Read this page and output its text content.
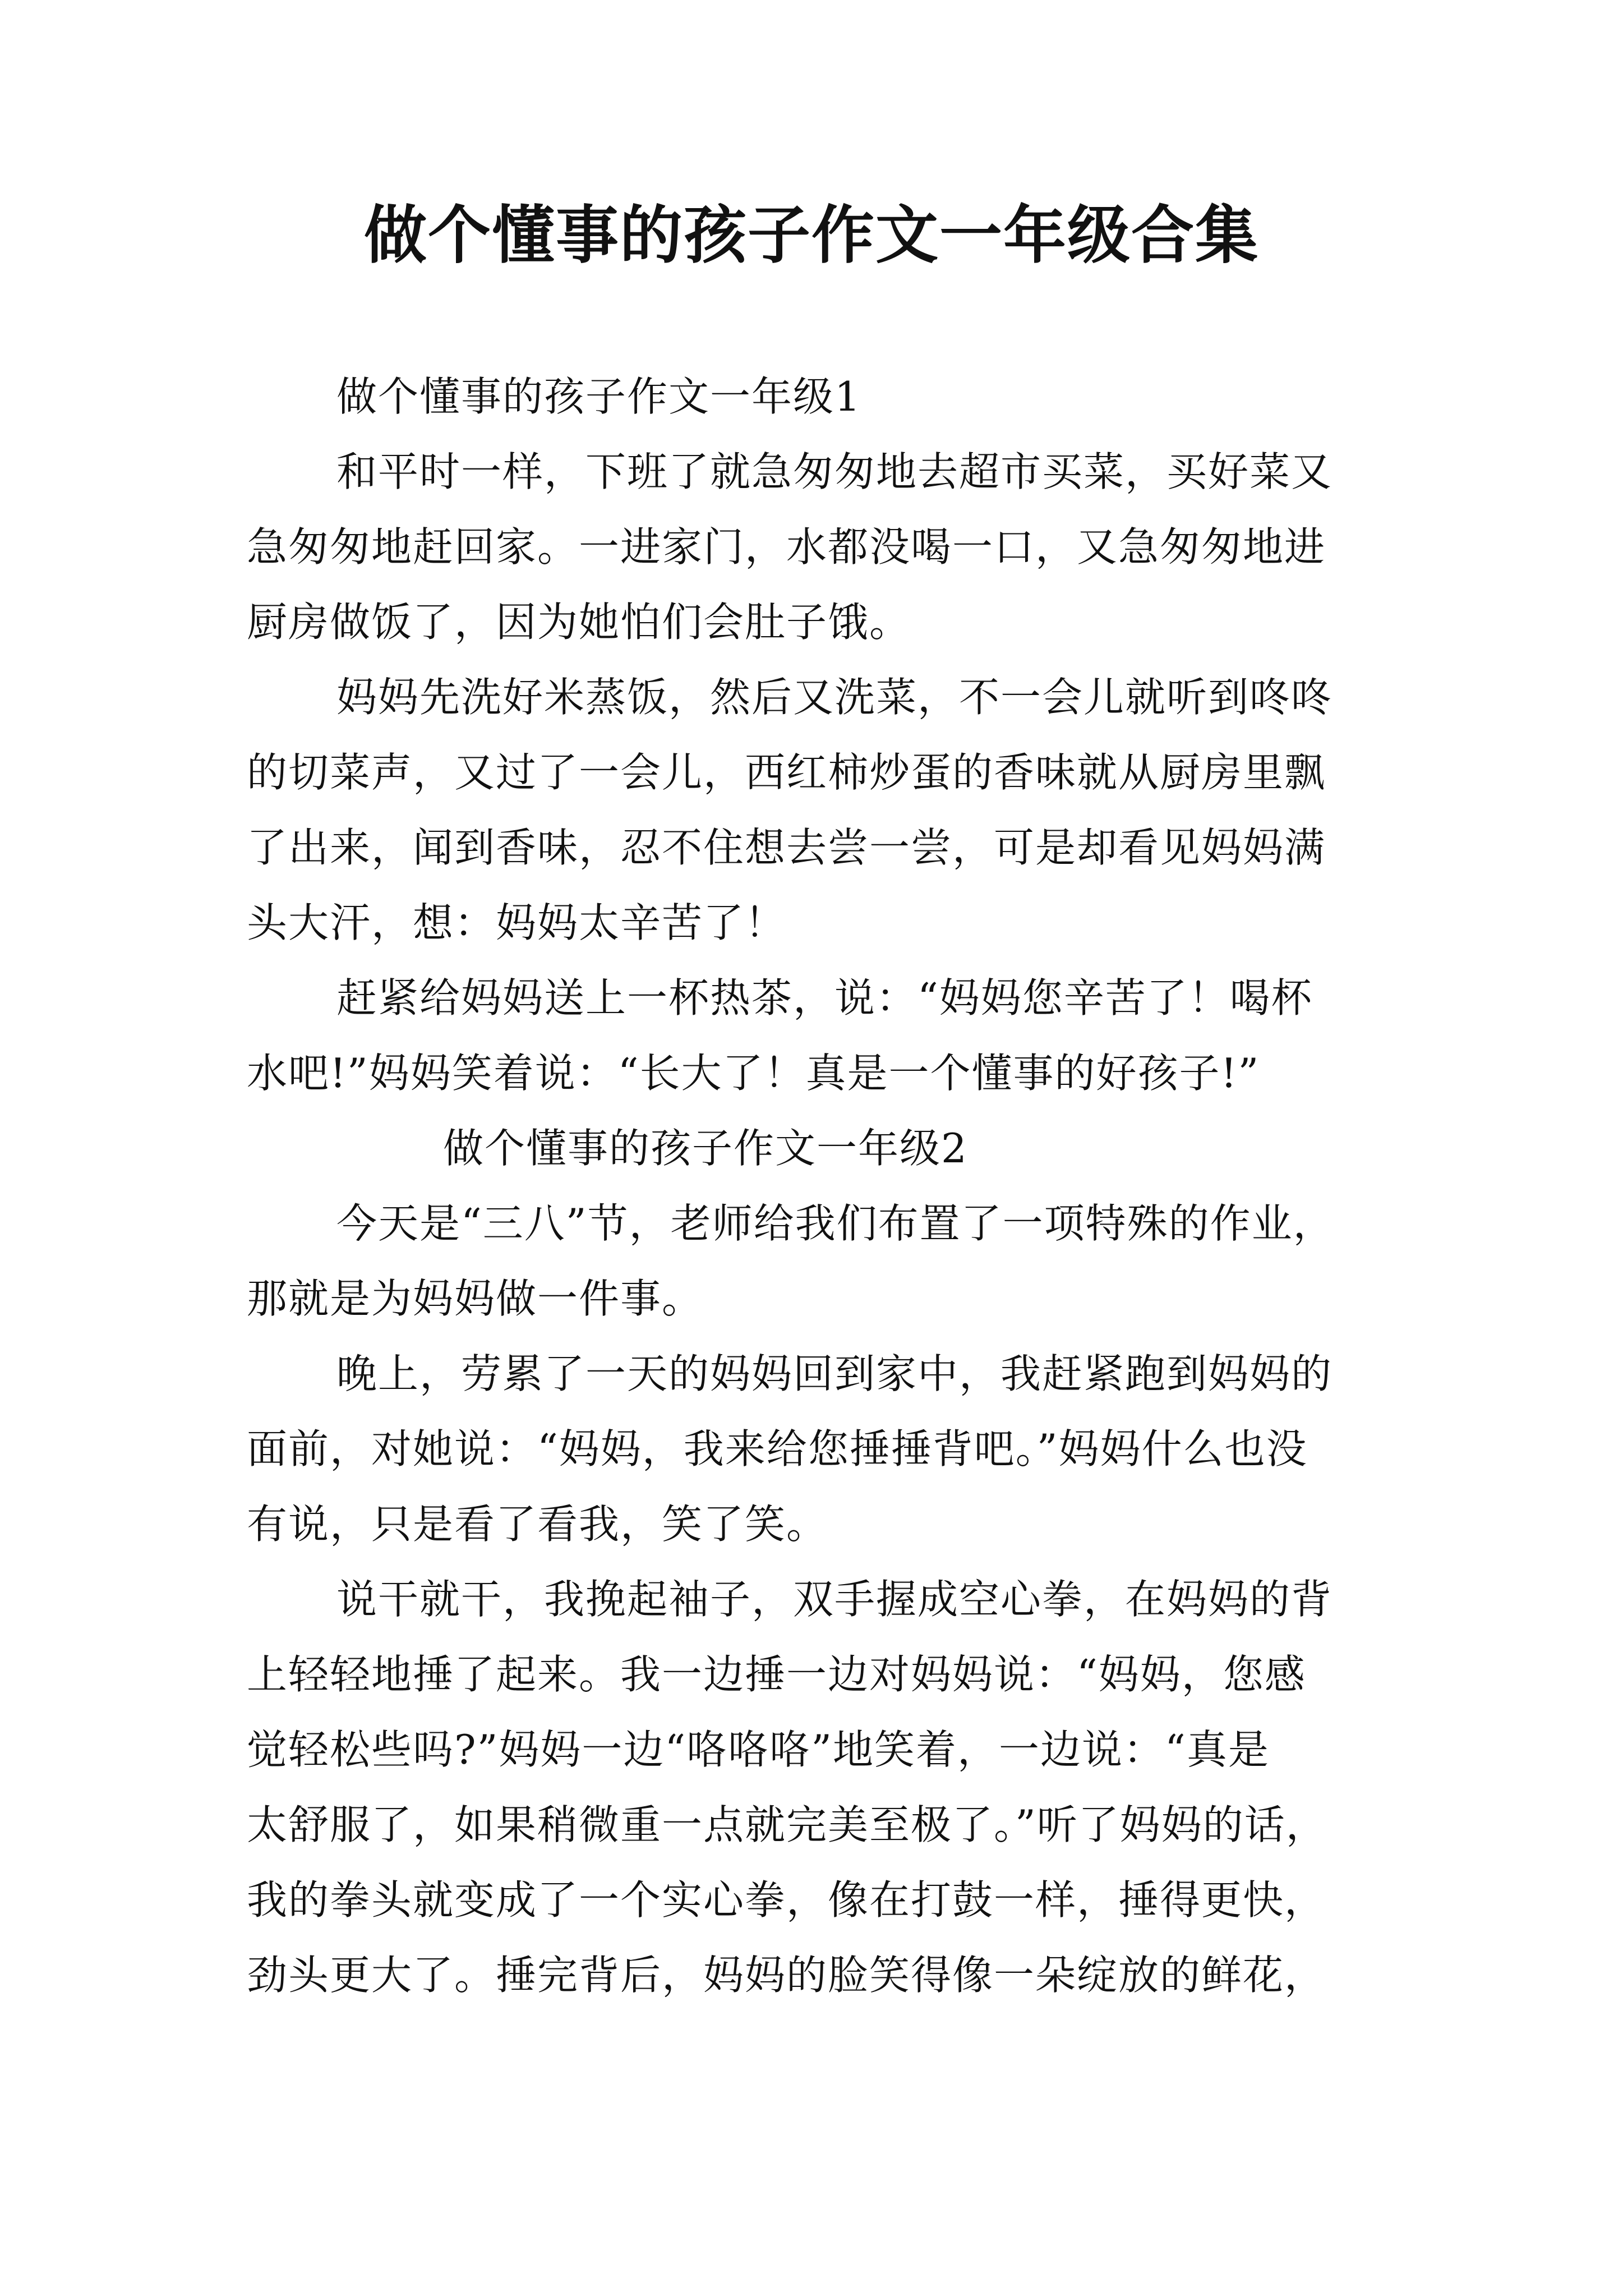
做个懂事的孩子作文一年级合集
做个懂事的孩子作文一年级1
和平时一样，下班了就急匆匆地去超市买菜，买好菜又
急匆匆地赶回家。一进家门，水都没喝一口，又急匆匆地进
厨房做饭了，因为她怕们会肚子饿。
妈妈先洗好米蒸饭，然后又洗菜，不一会儿就听到咚咚
的切菜声，又过了一会儿，西红柿炒蛋的香味就从厨房里飘
了出来，闻到香味，忍不住想去尝一尝，可是却看见妈妈满
头大汗，想：妈妈太辛苦了！
赶紧给妈妈送上一杯热茶，说：“妈妈您辛苦了！喝杯
水吧!”妈妈笑着说：“长大了！真是一个懂事的好孩子!”
做个懂事的孩子作文一年级2
今天是“三八”节，老师给我们布置了一项特殊的作业，
那就是为妈妈做一件事。
晚上，劳累了一天的妈妈回到家中，我赶紧跑到妈妈的
面前，对她说：“妈妈，我来给您捶捶背吧。”妈妈什么也没
有说，只是看了看我，笑了笑。
说干就干，我挽起袖子，双手握成空心拳，在妈妈的背
上轻轻地捶了起来。我一边捶一边对妈妈说：“妈妈，您感
觉轻松些吗?”妈妈一边“咯咯咯”地笑着，一边说：“真是
太舒服了，如果稍微重一点就完美至极了。”听了妈妈的话，
我的拳头就变成了一个实心拳，像在打鼓一样，捶得更快，
劲头更大了。捶完背后，妈妈的脸笑得像一朵绽放的鲜花，
